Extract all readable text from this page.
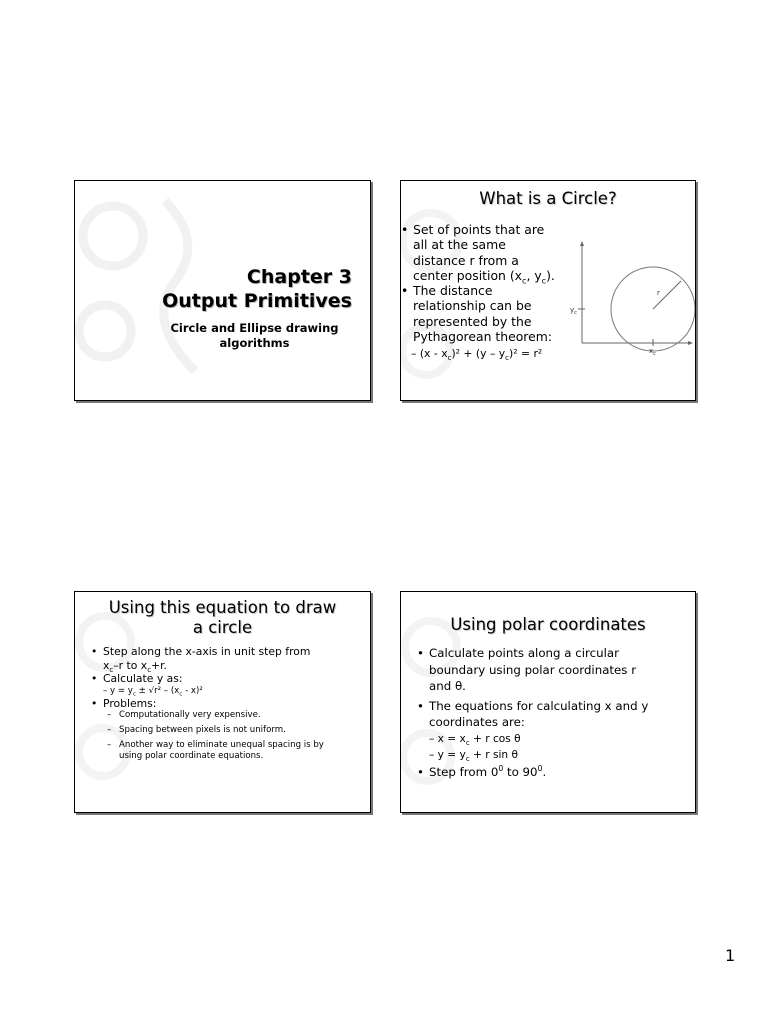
Chapter 3
Output Primitives
Circle and Ellipse drawing
algorithms
What is a Circle?
• Set of points that are
all at the same
distance r from a
center position ($x_c$, $y_c$).
• The distance
relationship can be
represented by the
Pythagorean theorem:
– $(x - x_c)^2 + (y - y_c)^2 = r^2$
r
$y_c$
$x_c$
Using this equation to draw
a circle
• Step along the x-axis in unit step from
$x_c-r$ to $x_c+r$.
• Calculate y as:
– $y = y_c \pm √r^2 - (x_c - x)^2$
• Problems:
– Computationally very expensive.
– Spacing between pixels is not uniform.
– Another way to eliminate unequal spacing is by using polar coordinate equations.
Using polar coordinates
• Calculate points along a circular
boundary using polar coordinates r
and θ.
• The equations for calculating x and y
coordinates are:
– $x = x_c + r$ cos θ
– $y = y_c + r$ sin θ
• Step from $0^0$ to $90^0$.
1
